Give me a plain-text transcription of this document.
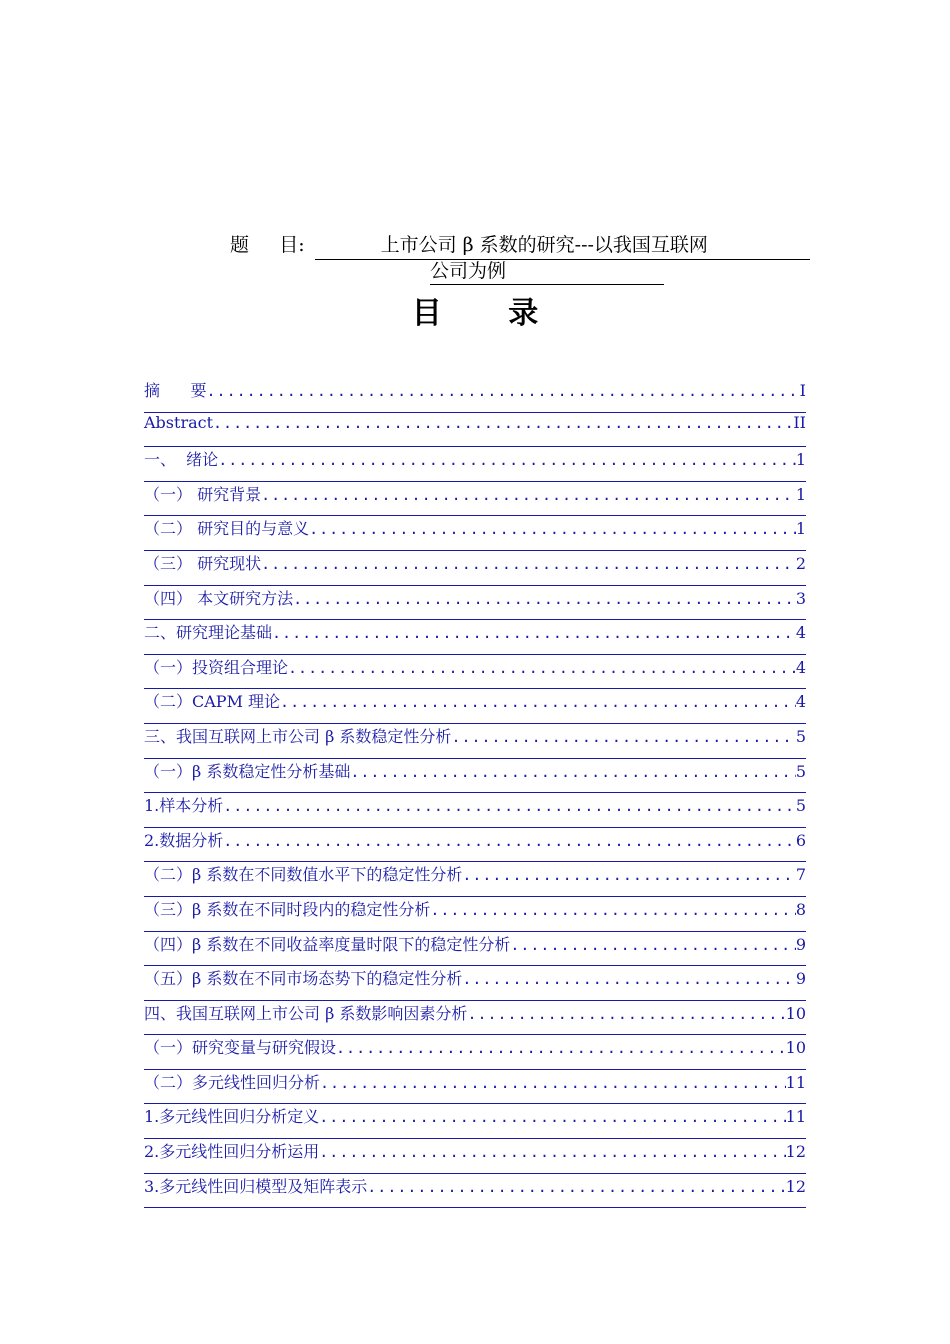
题     目:	上市公司 β 系数的研究---以我国互联网
公司为例
目 录
摘      要 .....	I
Abstract .....	II
一、  绪论 .....	1
（一） 研究背景 .....	1
（二） 研究目的与意义 .....	1
（三） 研究现状 .....	2
（四） 本文研究方法 .....	3
二、研究理论基础 .....	4
（一）投资组合理论 .....	4
（二）CAPM 理论 .....	4
三、我国互联网上市公司 β 系数稳定性分析 .....	5
（一）β 系数稳定性分析基础 .....	5
1.样本分析 .....	5
2.数据分析 .....	6
（二）β 系数在不同数值水平下的稳定性分析 .....	7
（三）β 系数在不同时段内的稳定性分析 .....	8
（四）β 系数在不同收益率度量时限下的稳定性分析 .....	9
（五）β 系数在不同市场态势下的稳定性分析 .....	9
四、我国互联网上市公司 β 系数影响因素分析 .....	10
（一）研究变量与研究假设 .....	10
（二）多元线性回归分析 .....	11
1.多元线性回归分析定义 .....	11
2.多元线性回归分析运用 .....	12
3.多元线性回归模型及矩阵表示 .....	12
